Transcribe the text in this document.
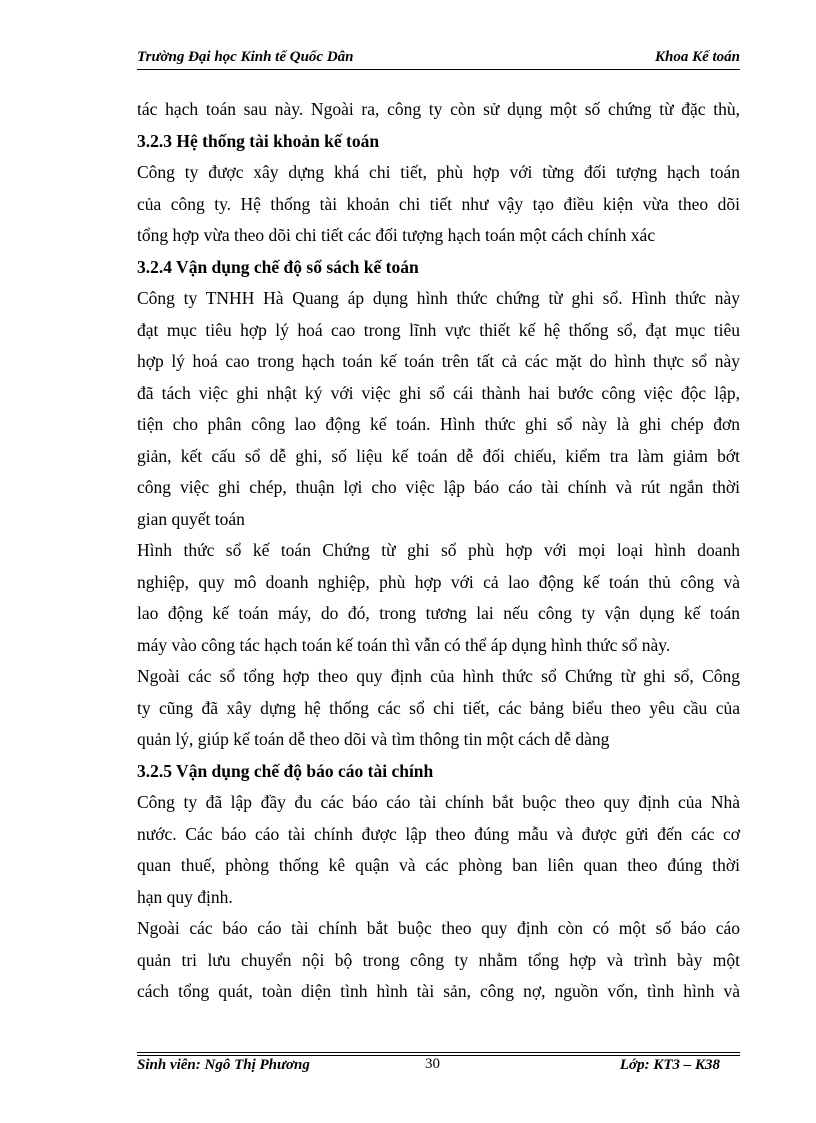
Trường Đại học Kinh tế Quốc Dân	Khoa Kế toán

tác hạch toán sau này. Ngoài ra, công ty còn sử dụng một số chứng từ đặc thù,

3.2.3 Hệ thống tài khoản kế toán

Công ty được xây dựng khá chi tiết, phù hợp với từng đối tượng hạch toán
của công ty. Hệ thống tài khoản chi tiết như vậy tạo điều kiện vừa theo dõi
tổng hợp vừa theo dõi chi tiết các đối tượng hạch toán một cách chính xác

3.2.4 Vận dụng chế độ sổ sách kế toán

Công ty TNHH Hà Quang áp dụng hình thức chứng từ ghi sổ. Hình thức này
đạt mục tiêu hợp lý hoá cao trong lĩnh vực thiết kế hệ thống sổ, đạt mục tiêu
hợp lý hoá cao trong hạch toán kế toán trên tất cả các mặt do hình thực sổ này
đã tách việc ghi nhật ký với việc ghi sổ cái thành hai bước công việc độc lập,
tiện cho phân công lao động kế toán. Hình thức ghi sổ này là ghi chép đơn
giản, kết cấu sổ dễ ghi, số liệu kế toán dễ đối chiếu, kiểm tra làm giảm bớt
công việc ghi chép, thuận lợi cho việc lập báo cáo tài chính và rút ngắn thời
gian quyết toán

Hình thức sổ kế toán Chứng từ ghi sổ phù hợp với mọi loại hình doanh
nghiệp, quy mô doanh nghiệp, phù hợp với cả lao động kế toán thủ công và
lao động kế toán máy, do đó, trong tương lai nếu công ty vận dụng kế toán
máy vào công tác hạch toán kế toán thì vẫn có thể áp dụng hình thức sổ này.

Ngoài các sổ tổng hợp theo quy định của hình thức sổ Chứng từ ghi sổ, Công
ty cũng đã xây dựng hệ thống các sổ chi tiết, các bảng biểu theo yêu cầu của
quản lý, giúp kế toán dễ theo dõi và tìm thông tin một cách dễ dàng

3.2.5 Vận dụng chế độ báo cáo tài chính

Công ty đã lập đầy đu các báo cáo tài chính bắt buộc theo quy định của Nhà
nước. Các báo cáo tài chính được lập theo đúng mẫu và được gửi đến các cơ
quan thuế, phòng thống kê quận và các phòng ban liên quan theo đúng thời
hạn quy định.

Ngoài các báo cáo tài chính bắt buộc theo quy định còn có một số báo cáo
quản tri lưu chuyển nội bộ trong công ty nhằm tổng hợp và trình bày một
cách tổng quát, toàn diện tình hình tài sản, công nợ, nguồn vốn, tình hình và

Sinh viên: Ngô Thị Phương	30	Lớp: KT3 – K38
